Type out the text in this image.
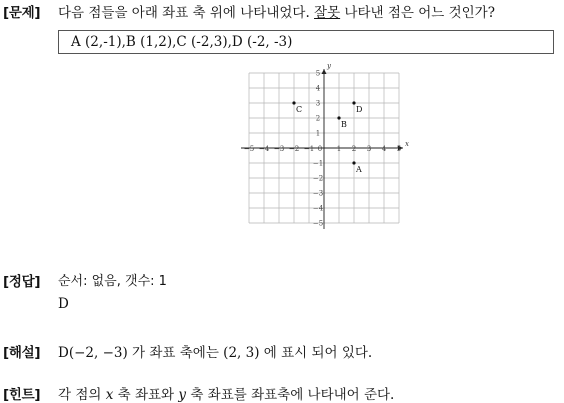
[문제] 다음 점들을 아래 좌표 축 위에 나타내었다. 잘못 나타낸 점은 어느 것인가?
A (2,-1),B (1,2),C (-2,3),D (-2, -3)
x
y
−5 −4 −3 −2 −1	1 2 3 4 5
5
4
3
2
1
−1
−2
−3
−4
−5
0
C	D
B
A
[정답] 순서: 없음, 갯수: 1
D
[해설] D(−2, −3) 가 좌표 축에는 (2, 3) 에 표시 되어 있다.
[힌트] 각 점의 x 축 좌표와 y 축 좌표를 좌표축에 나타내어 준다.
